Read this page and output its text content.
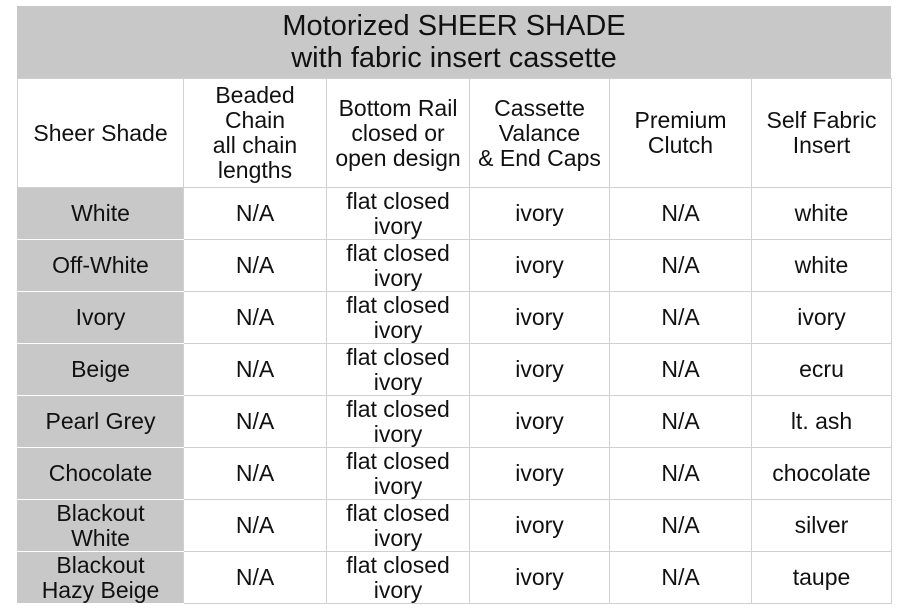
Motorized SHEER SHADE
with fabric insert cassette
Sheer Shade	Beaded
Chain
all chain
lengths	Bottom Rail
closed or
open design	Cassette
Valance
& End Caps	Premium
Clutch	Self Fabric
Insert

White	N/A	flat closed
ivory	ivory	N/A	white

Off-White	N/A	flat closed
ivory	ivory	N/A	white

Ivory	N/A	flat closed
ivory	ivory	N/A	ivory

Beige	N/A	flat closed
ivory	ivory	N/A	ecru

Pearl Grey	N/A	flat closed
ivory	ivory	N/A	lt. ash

Chocolate	N/A	flat closed
ivory	ivory	N/A	chocolate

Blackout
White	N/A	flat closed
ivory	ivory	N/A	silver

Blackout
Hazy Beige	N/A	flat closed
ivory	ivory	N/A	taupe
